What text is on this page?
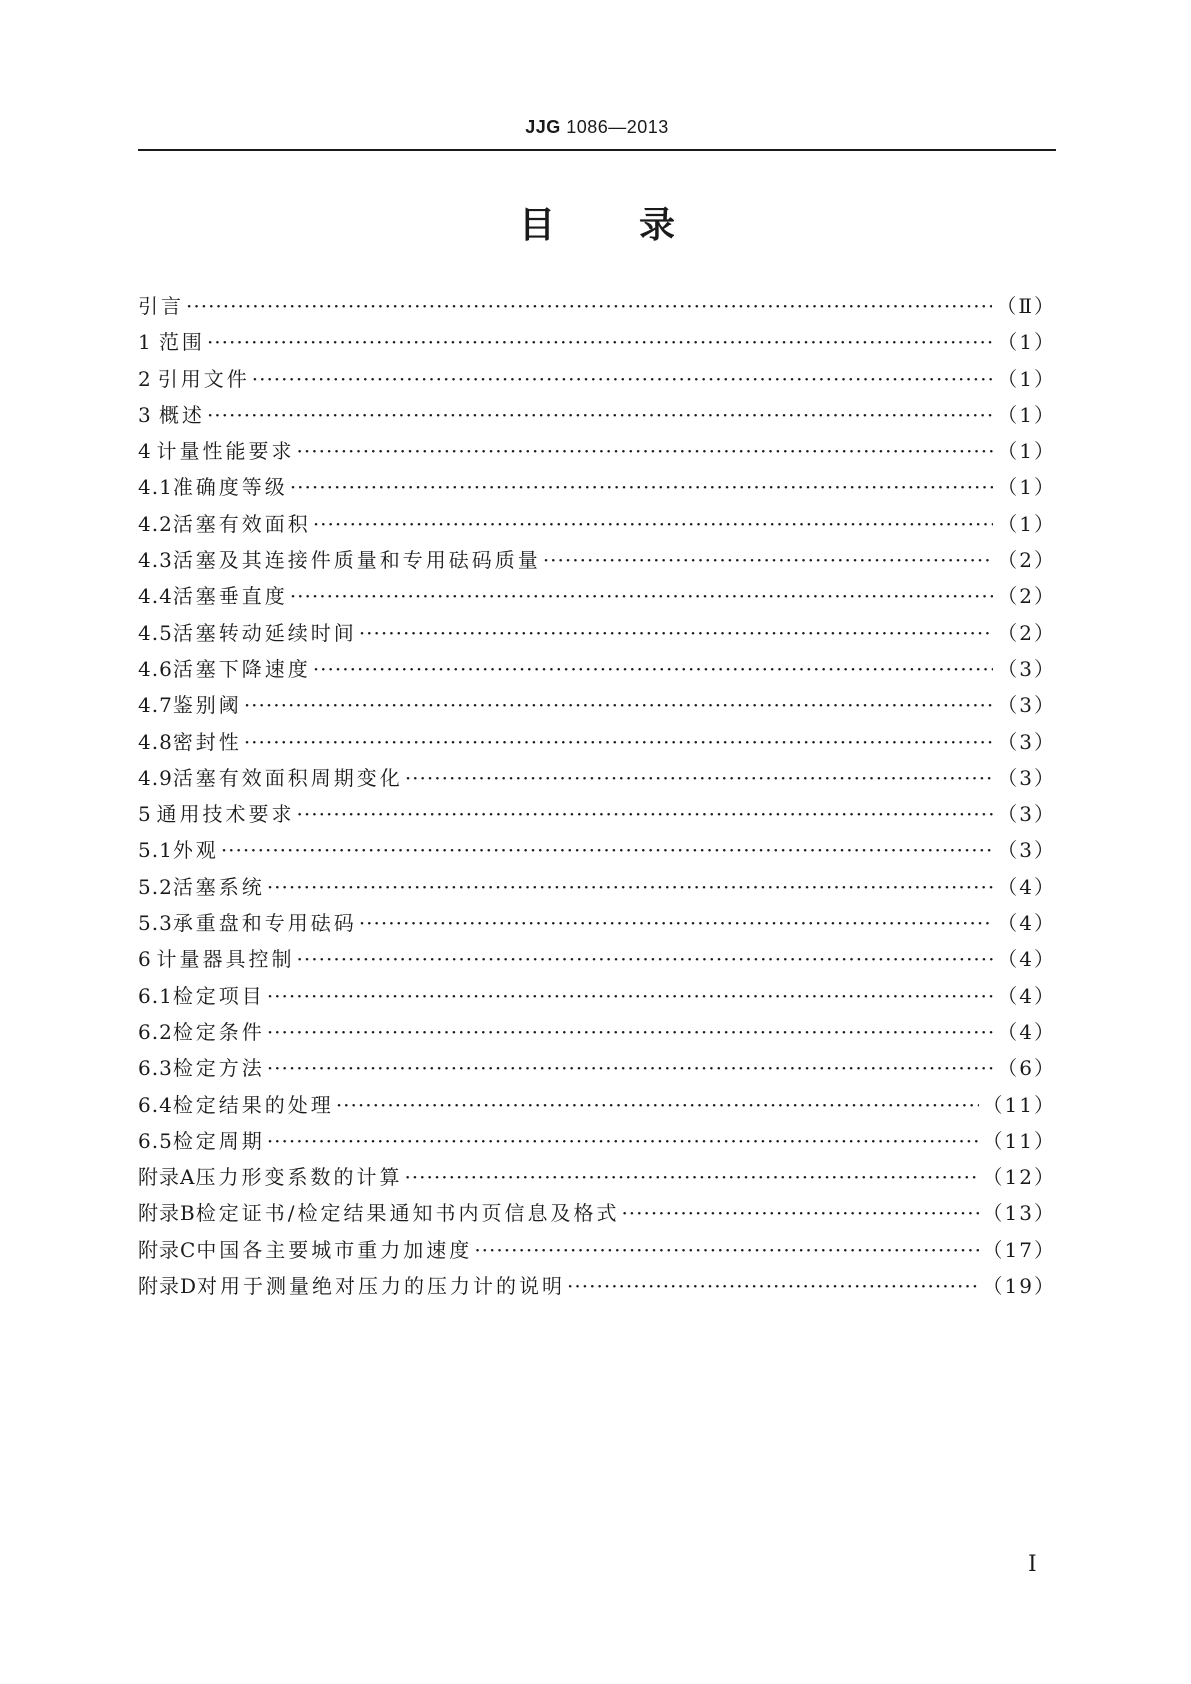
JJG 1086—2013
目 录
引言 ·····	（Ⅱ）
1 范围 ·····	（1）
2 引用文件 ·····	（1）
3 概述 ·····	（1）
4 计量性能要求 ·····	（1）
4.1 准确度等级 ·····	（1）
4.2 活塞有效面积 ·····	（1）
4.3 活塞及其连接件质量和专用砝码质量 ·····	（2）
4.4 活塞垂直度 ·····	（2）
4.5 活塞转动延续时间 ·····	（2）
4.6 活塞下降速度 ·····	（3）
4.7 鉴别阈 ·····	（3）
4.8 密封性 ·····	（3）
4.9 活塞有效面积周期变化 ·····	（3）
5 通用技术要求 ·····	（3）
5.1 外观 ·····	（3）
5.2 活塞系统 ·····	（4）
5.3 承重盘和专用砝码 ·····	（4）
6 计量器具控制 ·····	（4）
6.1 检定项目 ·····	（4）
6.2 检定条件 ·····	（4）
6.3 检定方法 ·····	（6）
6.4 检定结果的处理 ·····	（11）
6.5 检定周期 ·····	（11）
附录A 压力形变系数的计算 ·····	（12）
附录B 检定证书/检定结果通知书内页信息及格式 ·····	（13）
附录C 中国各主要城市重力加速度 ·····	（17）
附录D 对用于测量绝对压力的压力计的说明 ·····	（19）
Ⅰ
